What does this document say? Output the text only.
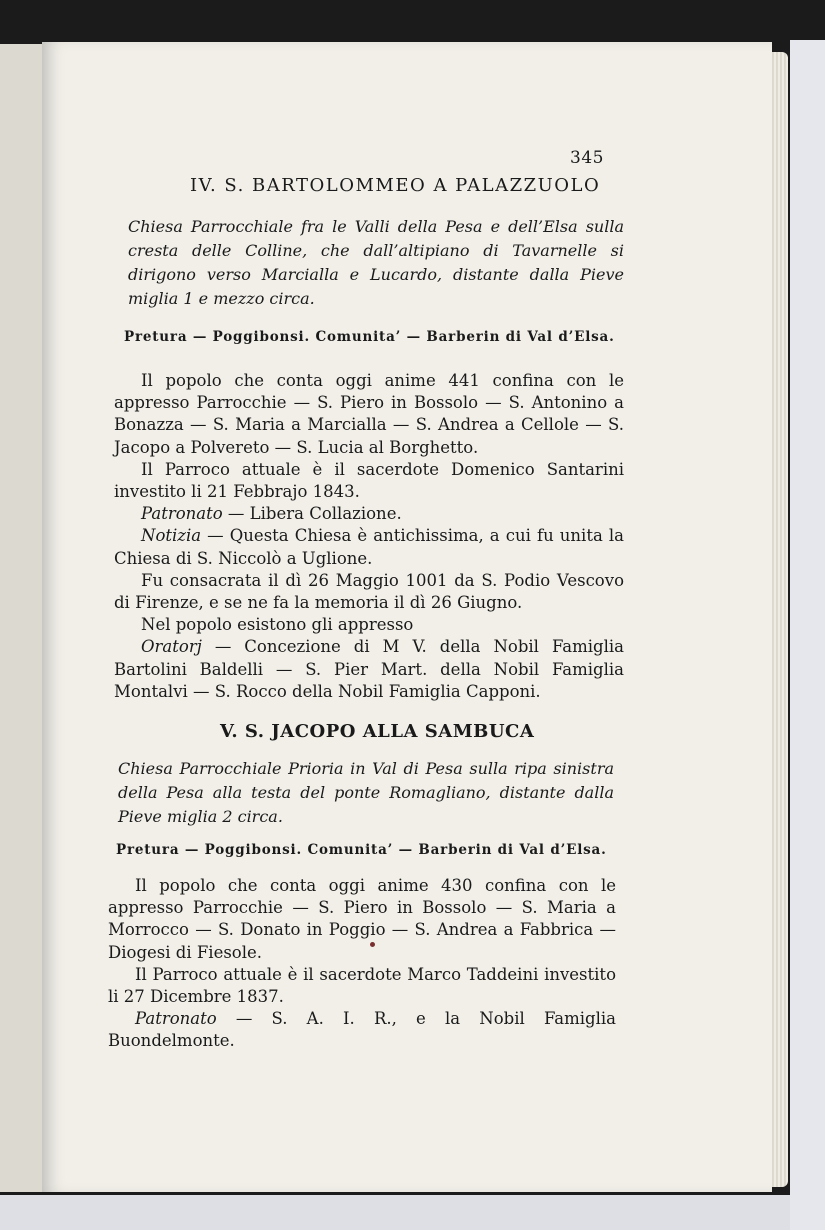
345
IV. S. BARTOLOMMEO A PALAZZUOLO
Chiesa Parrocchiale fra le Valli della Pesa e dell’Elsa sulla cresta delle Colline, che dall’altipiano di Tavarnelle si dirigono verso Marcialla e Lucardo, distante dalla Pieve miglia 1 e mezzo circa.
Pretura — Poggibonsi. Comunita’ — Barberin di Val d’Elsa.

Il popolo che conta oggi anime 441 confina con le appresso Parrocchie — S. Piero in Bossolo — S. Antonino a Bonazza — S. Maria a Marcialla — S. Andrea a Cellole — S. Jacopo a Polvereto — S. Lucia al Borghetto.

Il Parroco attuale è il sacerdote Domenico Santarini investito li 21 Febbrajo 1843.

Patronato — Libera Collazione.

Notizia — Questa Chiesa è antichissima, a cui fu unita la Chiesa di S. Niccolò a Uglione.

Fu consacrata il dì 26 Maggio 1001 da S. Podio Vescovo di Firenze, e se ne fa la memoria il dì 26 Giugno.

Nel popolo esistono gli appresso

Oratorj — Concezione di M V. della Nobil Famiglia Bartolini Baldelli — S. Pier Mart. della Nobil Famiglia Montalvi — S. Rocco della Nobil Famiglia Capponi.

V. S. JACOPO ALLA SAMBUCA
Chiesa Parrocchiale Prioria in Val di Pesa sulla ripa sinistra della Pesa alla testa del ponte Romagliano, distante dalla Pieve miglia 2 circa.
Pretura — Poggibonsi. Comunita’ — Barberin di Val d’Elsa.

Il popolo che conta oggi anime 430 confina con le appresso Parrocchie — S. Piero in Bossolo — S. Maria a Morrocco — S. Donato in Poggio — S. Andrea a Fabbrica — Diogesi di Fiesole.

Il Parroco attuale è il sacerdote Marco Taddeini investito li 27 Dicembre 1837.

Patronato — S. A. I. R., e la Nobil Famiglia Buondelmonte.
